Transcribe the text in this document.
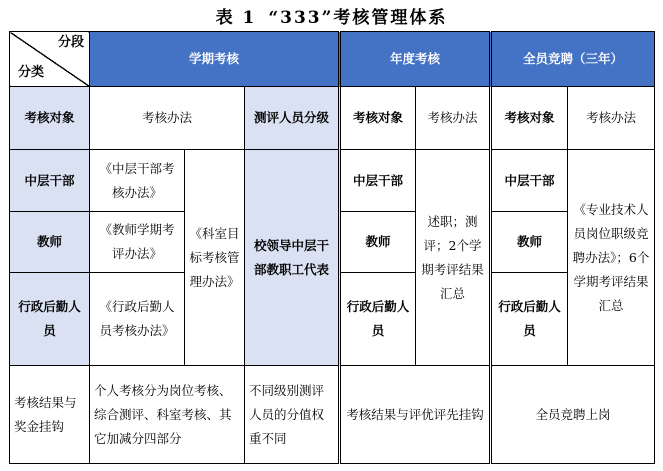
表 1 “333”考核管理体系
分段
分类	学期考核			年度考核		全员竞聘（三年）	
考核对象	考核办法		测评人员分级	考核对象	考核办法	考核对象	考核办法
中层干部	《中层干部考核办法》	《科室目标考核管理办法》	校领导中层干部教职工代表	中层干部	述职；测评；2个学期考评结果汇总	中层干部	《专业技术人员岗位职级竞聘办法》；6个学期考评结果汇总
教师	《教师学期考评办法》			教师		教师	
行政后勤人员	《行政后勤人员考核办法》			行政后勤人员		行政后勤人员	
考核结果与奖金挂钩	个人考核分为岗位考核、综合测评、科室考核、其它加减分四部分		不同级别测评人员的分值权重不同	考核结果与评优评先挂钩		全员竞聘上岗	
